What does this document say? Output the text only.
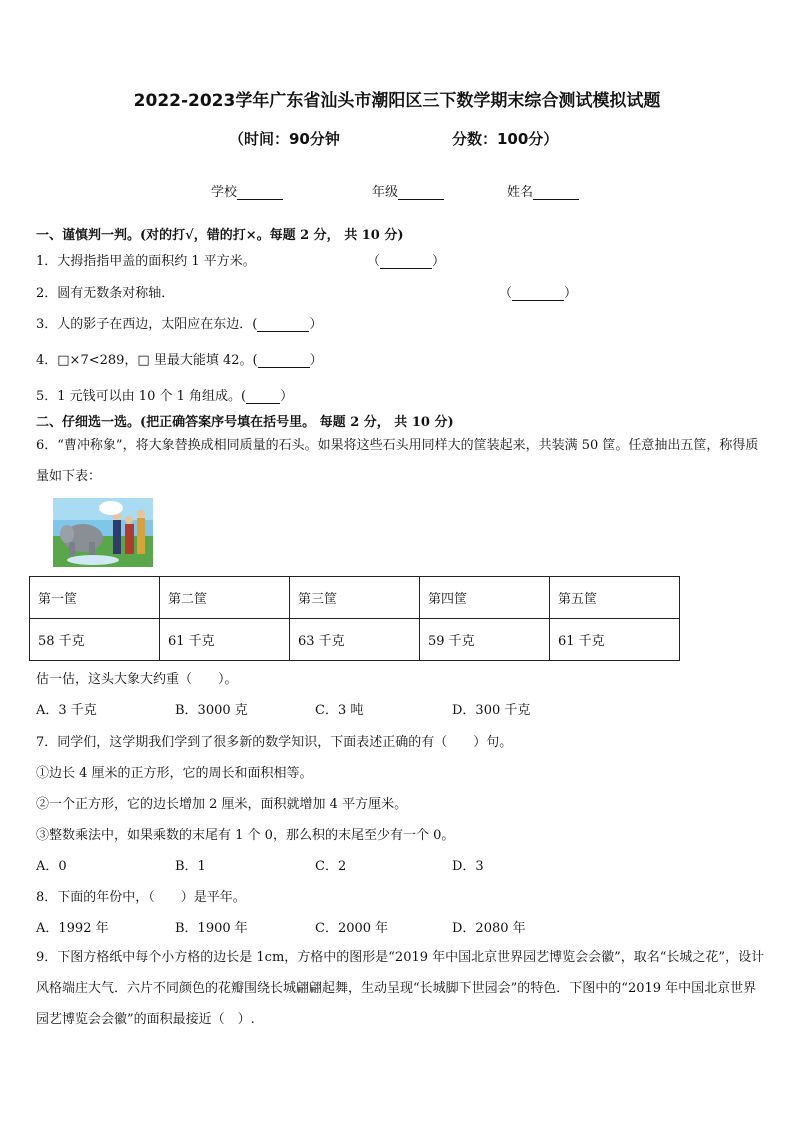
2022-2023学年广东省汕头市潮阳区三下数学期末综合测试模拟试题
（时间：90分钟	分数：100分）
学校	年级	姓名
一、谨慎判一判。(对的打√，错的打×。每题 2 分， 共 10 分)
1．大拇指指甲盖的面积约 1 平方米。	（	）
2．圆有无数条对称轴．	（	）
3．人的影子在西边，太阳应在东边．(	）
4．□×7<289，□ 里最大能填 42。(	）
5．1 元钱可以由 10 个 1 角组成。(	）
二、仔细选一选。(把正确答案序号填在括号里。 每题 2 分， 共 10 分)
6．“曹冲称象”，将大象替换成相同质量的石头。如果将这些石头用同样大的筐装起来，共装满 50 筐。任意抽出五筐，称得质量如下表：
第一筐	第二筐	第三筐	第四筐	第五筐
58 千克	61 千克	63 千克	59 千克	61 千克
估一估，这头大象大约重（　　）。
A．3 千克	B．3000 克	C．3 吨	D．300 千克
7．同学们，这学期我们学到了很多新的数学知识，下面表述正确的有（　　）句。
①边长 4 厘米的正方形，它的周长和面积相等。
②一个正方形，它的边长增加 2 厘米，面积就增加 4 平方厘米。
③整数乘法中，如果乘数的末尾有 1 个 0，那么积的末尾至少有一个 0。
A．0	B．1	C．2	D．3
8．下面的年份中，（　　）是平年。
A．1992 年	B．1900 年	C．2000 年	D．2080 年
9．下图方格纸中每个小方格的边长是 1cm，方格中的图形是“2019 年中国北京世界园艺博览会会徽”，取名“长城之花”，设计风格端庄大气．六片不同颜色的花瓣围绕长城翩翩起舞，生动呈现“长城脚下世园会”的特色．下图中的“2019 年中国北京世界园艺博览会会徽”的面积最接近（　）.
